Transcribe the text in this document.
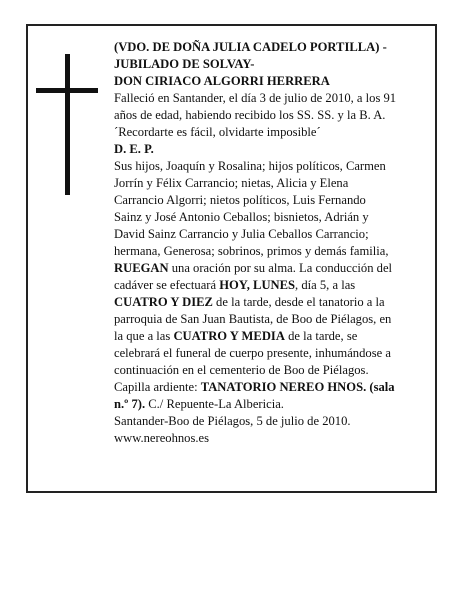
(VDO. DE DOÑA JULIA CADELO PORTILLA) -
JUBILADO DE SOLVAY-
DON CIRIACO ALGORRI HERRERA
Falleció en Santander, el día 3 de julio de 2010, a los 91
años de edad, habiendo recibido los SS. SS. y la B. A.
´Recordarte es fácil, olvidarte imposible´
D. E. P.
Sus hijos, Joaquín y Rosalina; hijos políticos, Carmen
Jorrín y Félix Carrancio; nietas, Alicia y Elena
Carrancio Algorri; nietos políticos, Luis Fernando
Sainz y José Antonio Ceballos; bisnietos, Adrián y
David Sainz Carrancio y Julia Ceballos Carrancio;
hermana, Generosa; sobrinos, primos y demás familia,
RUEGAN una oración por su alma. La conducción del
cadáver se efectuará HOY, LUNES, día 5, a las
CUATRO Y DIEZ de la tarde, desde el tanatorio a la
parroquia de San Juan Bautista, de Boo de Piélagos, en
la que a las CUATRO Y MEDIA de la tarde, se
celebrará el funeral de cuerpo presente, inhumándose a
continuación en el cementerio de Boo de Piélagos.
Capilla ardiente: TANATORIO NEREO HNOS. (sala
n.º 7). C./ Repuente-La Albericia.
Santander-Boo de Piélagos, 5 de julio de 2010.
www.nereohnos.es
